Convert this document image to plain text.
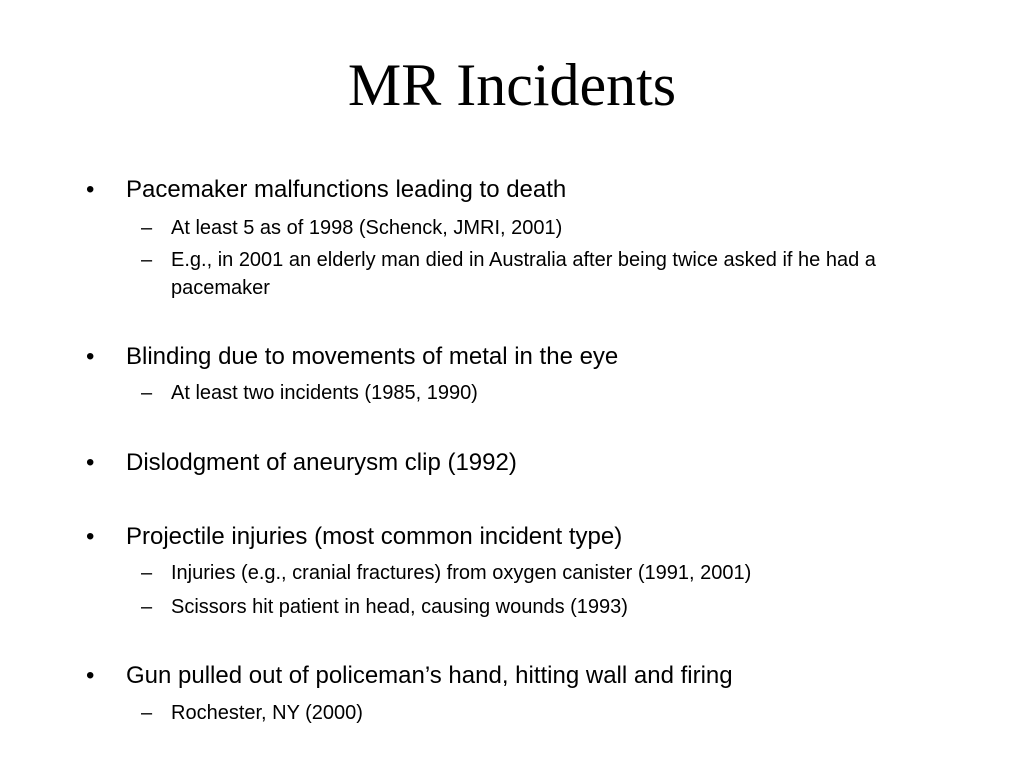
MR Incidents
• Pacemaker malfunctions leading to death
– At least 5 as of 1998 (Schenck, JMRI, 2001)
– E.g., in 2001 an elderly man died in Australia after being twice asked if he had a pacemaker
• Blinding due to movements of metal in the eye
– At least two incidents (1985, 1990)
• Dislodgment of aneurysm clip (1992)
• Projectile injuries (most common incident type)
– Injuries (e.g., cranial fractures) from oxygen canister (1991, 2001)
– Scissors hit patient in head, causing wounds (1993)
• Gun pulled out of policeman’s hand, hitting wall and firing
– Rochester, NY (2000)
